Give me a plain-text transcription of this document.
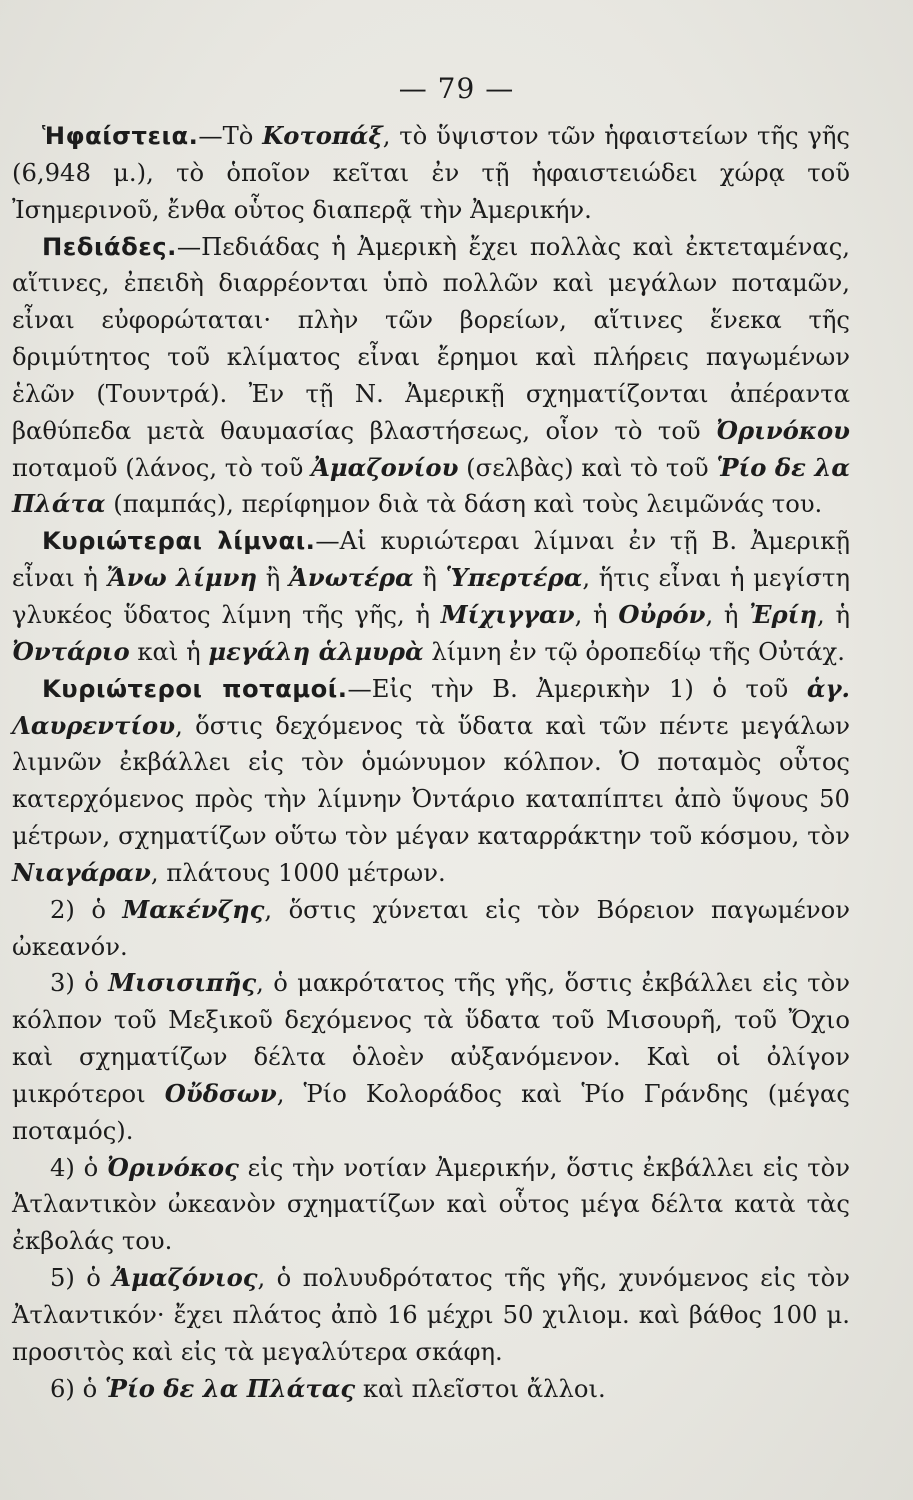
— 79 —

Ἡφαίστεια.—Τὸ Κοτοπάξ, τὸ ὕψιστον τῶν ἡφαιστείων τῆς γῆς (6,948 μ.), τὸ ὁποῖον κεῖται ἐν τῇ ἡφαιστειώδει χώρᾳ τοῦ Ἰσημερινοῦ, ἔνθα οὗτος διαπερᾷ τὴν Ἀμερικήν.

Πεδιάδες.—Πεδιάδας ἡ Ἀμερικὴ ἔχει πολλὰς καὶ ἐκτεταμένας, αἵτινες, ἐπειδὴ διαρρέονται ὑπὸ πολλῶν καὶ μεγάλων ποταμῶν, εἶναι εὐφορώταται· πλὴν τῶν βορείων, αἵτινες ἕνεκα τῆς δριμύτητος τοῦ κλίματος εἶναι ἔρημοι καὶ πλήρεις παγωμένων ἑλῶν (Τουντρά). Ἐν τῇ Ν. Ἀμερικῇ σχηματίζονται ἀπέραντα βαθύπεδα μετὰ θαυμασίας βλαστήσεως, οἷον τὸ τοῦ Ὀρινόκου ποταμοῦ (λάνος, τὸ τοῦ Ἀμαζονίου (σελβὰς) καὶ τὸ τοῦ Ῥίο δε λα Πλάτα (παμπάς), περίφημον διὰ τὰ δάση καὶ τοὺς λειμῶνάς του.

Κυριώτεραι λίμναι.—Αἱ κυριώτεραι λίμναι ἐν τῇ Β. Ἀμερικῇ εἶναι ἡ Ἄνω λίμνη ἢ Ἀνωτέρα ἢ Ὑπερτέρα, ἥτις εἶναι ἡ μεγίστη γλυκέος ὕδατος λίμνη τῆς γῆς, ἡ Μίχιγγαν, ἡ Οὐρόν, ἡ Ἐρίη, ἡ Ὀντάριο καὶ ἡ μεγάλη ἁλμυρὰ λίμνη ἐν τῷ ὀροπεδίῳ τῆς Οὐτάχ.

Κυριώτεροι ποταμοί.—Εἰς τὴν Β. Ἀμερικὴν 1) ὁ τοῦ ἁγ. Λαυρεντίου, ὅστις δεχόμενος τὰ ὕδατα καὶ τῶν πέντε μεγάλων λιμνῶν ἐκβάλλει εἰς τὸν ὁμώνυμον κόλπον. Ὁ ποταμὸς οὗτος κατερχόμενος πρὸς τὴν λίμνην Ὀντάριο καταπίπτει ἀπὸ ὕψους 50 μέτρων, σχηματίζων οὕτω τὸν μέγαν καταρράκτην τοῦ κόσμου, τὸν Νιαγάραν, πλάτους 1000 μέτρων.

2) ὁ Μακένζης, ὅστις χύνεται εἰς τὸν Βόρειον παγωμένον ὠκεανόν.

3) ὁ Μισισιπῆς, ὁ μακρότατος τῆς γῆς, ὅστις ἐκβάλλει εἰς τὸν κόλπον τοῦ Μεξικοῦ δεχόμενος τὰ ὕδατα τοῦ Μισουρῆ, τοῦ Ὄχιο καὶ σχηματίζων δέλτα ὁλοὲν αὐξανόμενον. Καὶ οἱ ὀλίγον μικρότεροι Οὔδσων, Ῥίο Κολοράδος καὶ Ῥίο Γράνδης (μέγας ποταμός).

4) ὁ Ὀρινόκος εἰς τὴν νοτίαν Ἀμερικήν, ὅστις ἐκβάλλει εἰς τὸν Ἀτλαντικὸν ὠκεανὸν σχηματίζων καὶ οὗτος μέγα δέλτα κατὰ τὰς ἐκβολάς του.

5) ὁ Ἀμαζόνιος, ὁ πολυυδρότατος τῆς γῆς, χυνόμενος εἰς τὸν Ἀτλαντικόν· ἔχει πλάτος ἀπὸ 16 μέχρι 50 χιλιομ. καὶ βάθος 100 μ. προσιτὸς καὶ εἰς τὰ μεγαλύτερα σκάφη.

6) ὁ Ῥίο δε λα Πλάτας καὶ πλεῖστοι ἄλλοι.
